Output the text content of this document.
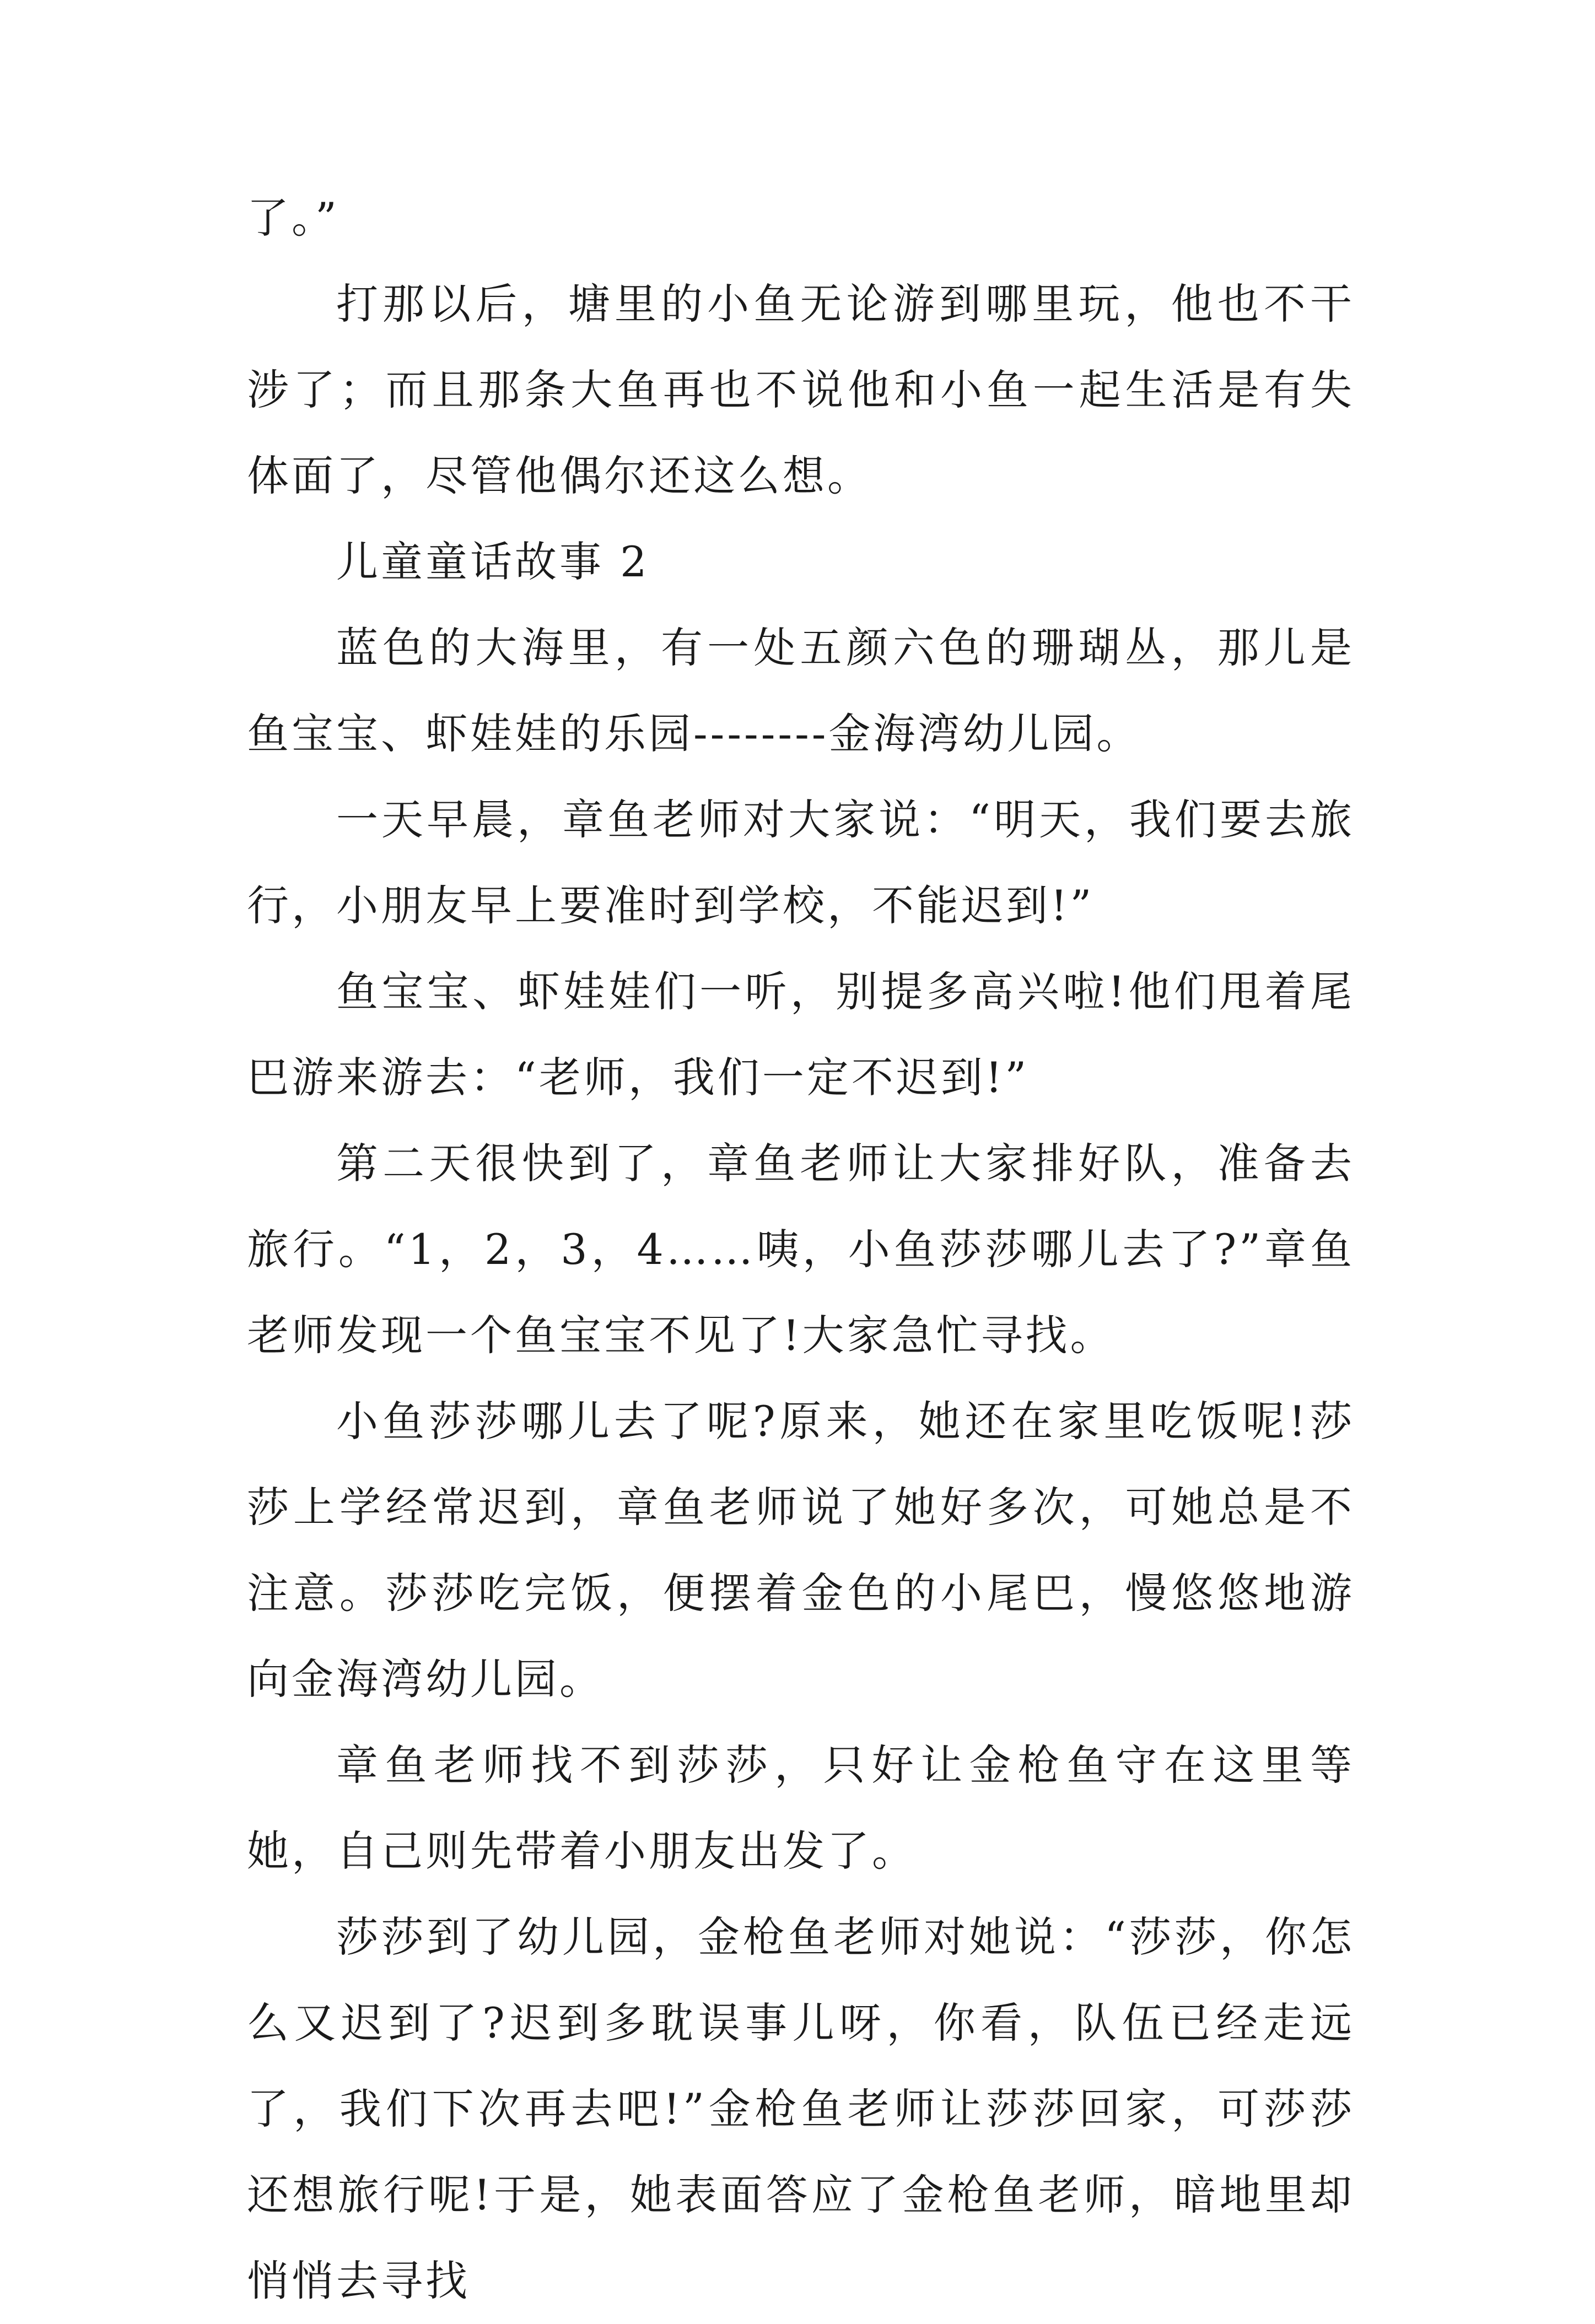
了。”

打那以后，塘里的小鱼无论游到哪里玩，他也不干涉了；而且那条大鱼再也不说他和小鱼一起生活是有失体面了，尽管他偶尔还这么想。

儿童童话故事 2

蓝色的大海里，有一处五颜六色的珊瑚丛，那儿是鱼宝宝、虾娃娃的乐园--------金海湾幼儿园。

一天早晨，章鱼老师对大家说：“明天，我们要去旅行，小朋友早上要准时到学校，不能迟到!”

鱼宝宝、虾娃娃们一听，别提多高兴啦!他们甩着尾巴游来游去：“老师，我们一定不迟到!”

第二天很快到了，章鱼老师让大家排好队，准备去旅行。“1，2，3，4……咦，小鱼莎莎哪儿去了?”章鱼老师发现一个鱼宝宝不见了!大家急忙寻找。

小鱼莎莎哪儿去了呢?原来，她还在家里吃饭呢!莎莎上学经常迟到，章鱼老师说了她好多次，可她总是不注意。莎莎吃完饭，便摆着金色的小尾巴，慢悠悠地游向金海湾幼儿园。

章鱼老师找不到莎莎，只好让金枪鱼守在这里等她，自己则先带着小朋友出发了。

莎莎到了幼儿园，金枪鱼老师对她说：“莎莎，你怎么又迟到了?迟到多耽误事儿呀，你看，队伍已经走远了，我们下次再去吧!”金枪鱼老师让莎莎回家，可莎莎还想旅行呢!于是，她表面答应了金枪鱼老师，暗地里却悄悄去寻找
